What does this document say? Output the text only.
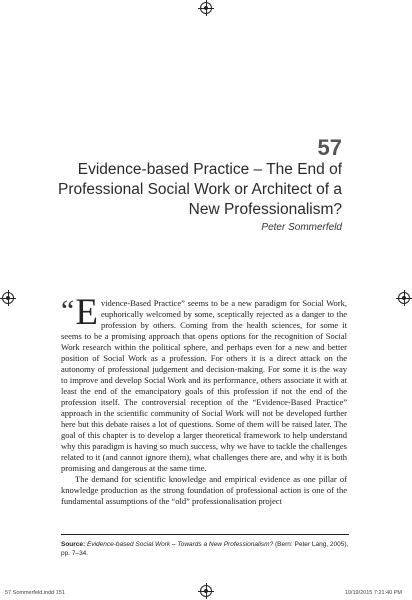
57
Evidence-based Practice – The End of Professional Social Work or Architect of a New Professionalism?
Peter Sommerfeld

“ E vidence-Based Practice” seems to be a new paradigm for Social Work, euphorically welcomed by some, sceptically rejected as a danger to the profession by others. Coming from the health sciences, for some it seems to be a promising approach that opens options for the recognition of Social Work research within the political sphere, and perhaps even for a new and better position of Social Work as a profession. For others it is a direct attack on the autonomy of professional judgement and decision-making. For some it is the way to improve and develop Social Work and its performance, others associate it with at least the end of the emancipatory goals of this profession if not the end of the profession itself. The controversial reception of the “Evidence-Based Practice” approach in the scientific community of Social Work will not be developed further here but this debate raises a lot of questions. Some of them will be raised later. The goal of this chapter is to develop a larger theoretical framework to help understand why this paradigm is having so much success, why we have to tackle the challenges related to it (and cannot ignore them), what challenges there are, and why it is both promising and dangerous at the same time.

The demand for scientific knowledge and empirical evidence as one pillar of knowledge production as the strong foundation of professional action is one of the fundamental assumptions of the “old” professionalisation project

Source: Evidence-based Social Work – Towards a New Professionalism? (Bern: Peter Lang, 2005), pp. 7–34.
57 Sommerfeld.indd 151	10/19/2015 7:21:40 PM
